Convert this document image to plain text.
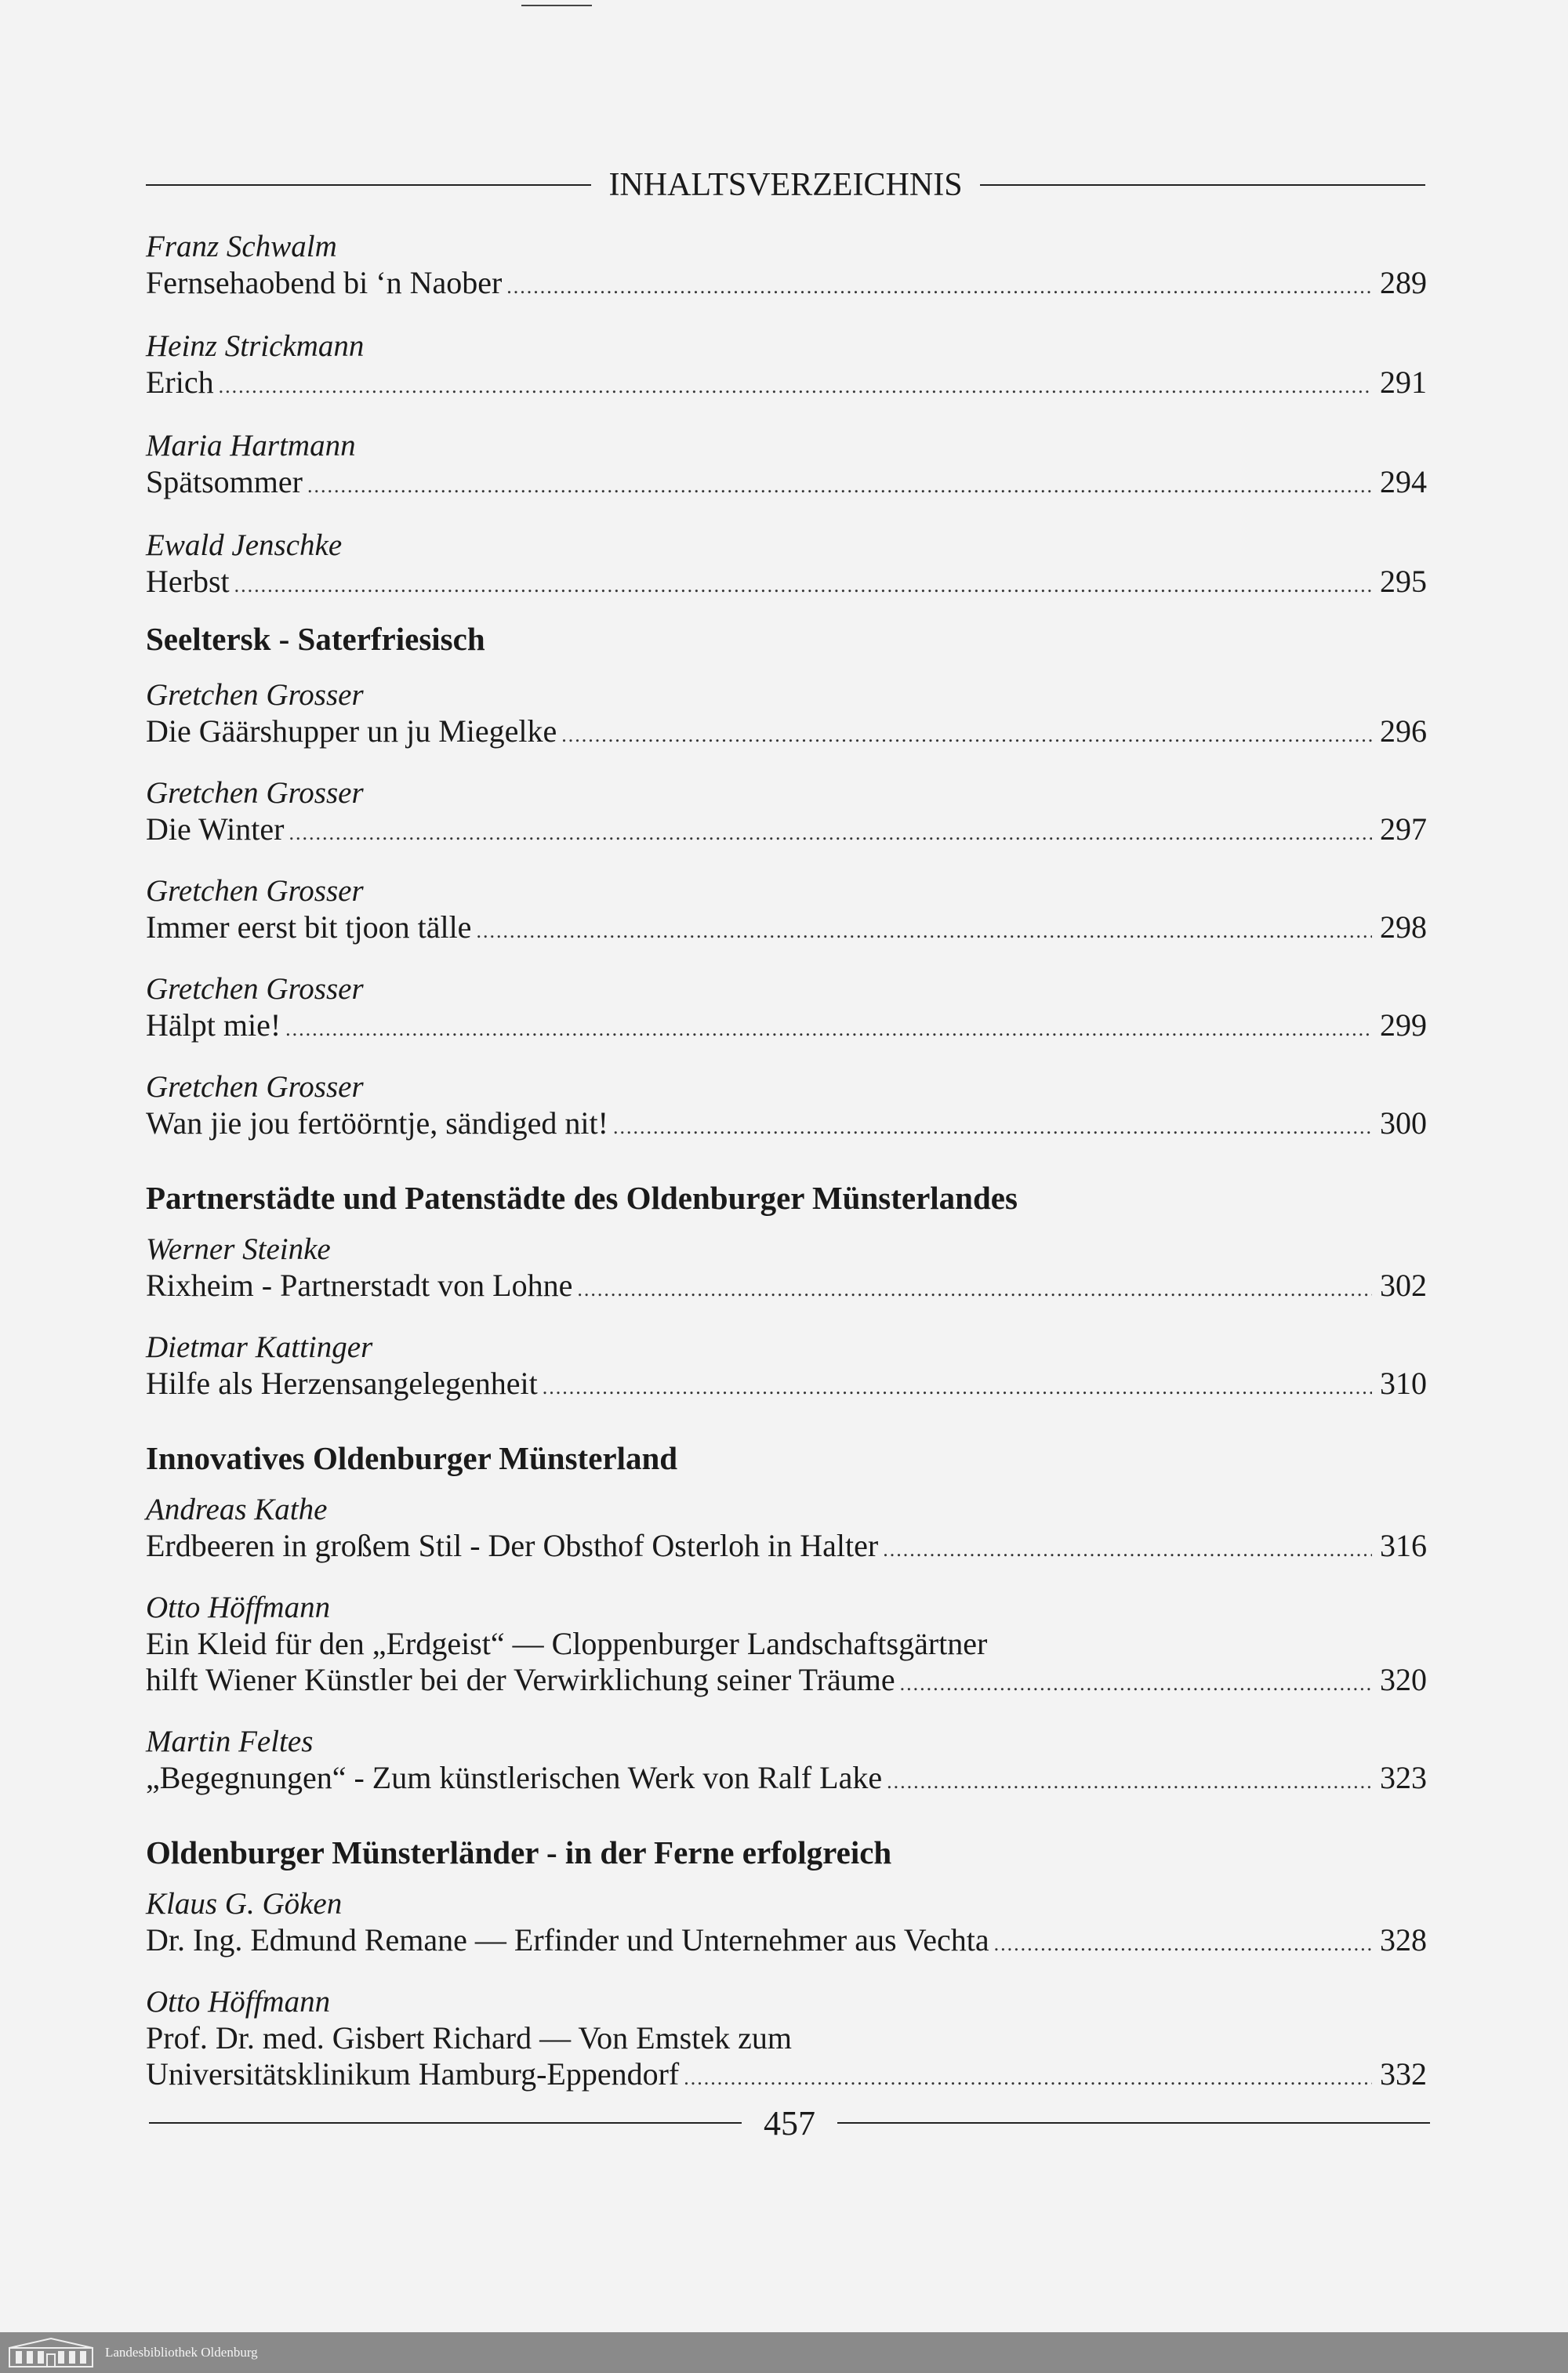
INHALTSVERZEICHNIS
Franz Schwalm
Fernsehaobend bi ‘n Naober .....	289
Heinz Strickmann
Erich .....	291
Maria Hartmann
Spätsommer .....	294
Ewald Jenschke
Herbst .....	295
Seeltersk - Saterfriesisch
Gretchen Grosser
Die Gäärshupper un ju Miegelke .....	296
Gretchen Grosser
Die Winter .....	297
Gretchen Grosser
Immer eerst bit tjoon tälle .....	298
Gretchen Grosser
Hälpt mie! .....	299
Gretchen Grosser
Wan jie jou fertöörntje, sändiged nit! .....	300
Partnerstädte und Patenstädte des Oldenburger Münsterlandes
Werner Steinke
Rixheim - Partnerstadt von Lohne .....	302
Dietmar Kattinger
Hilfe als Herzensangelegenheit .....	310
Innovatives Oldenburger Münsterland
Andreas Kathe
Erdbeeren in großem Stil - Der Obsthof Osterloh in Halter .....	316
Otto Höffmann
Ein Kleid für den „Erdgeist“ — Cloppenburger Landschaftsgärtner
hilft Wiener Künstler bei der Verwirklichung seiner Träume .....	320
Martin Feltes
„Begegnungen“ - Zum künstlerischen Werk von Ralf Lake .....	323
Oldenburger Münsterländer - in der Ferne erfolgreich
Klaus G. Göken
Dr. Ing. Edmund Remane — Erfinder und Unternehmer aus Vechta .....	328
Otto Höffmann
Prof. Dr. med. Gisbert Richard — Von Emstek zum
Universitätsklinikum Hamburg-Eppendorf .....	332
457
Landesbibliothek Oldenburg
